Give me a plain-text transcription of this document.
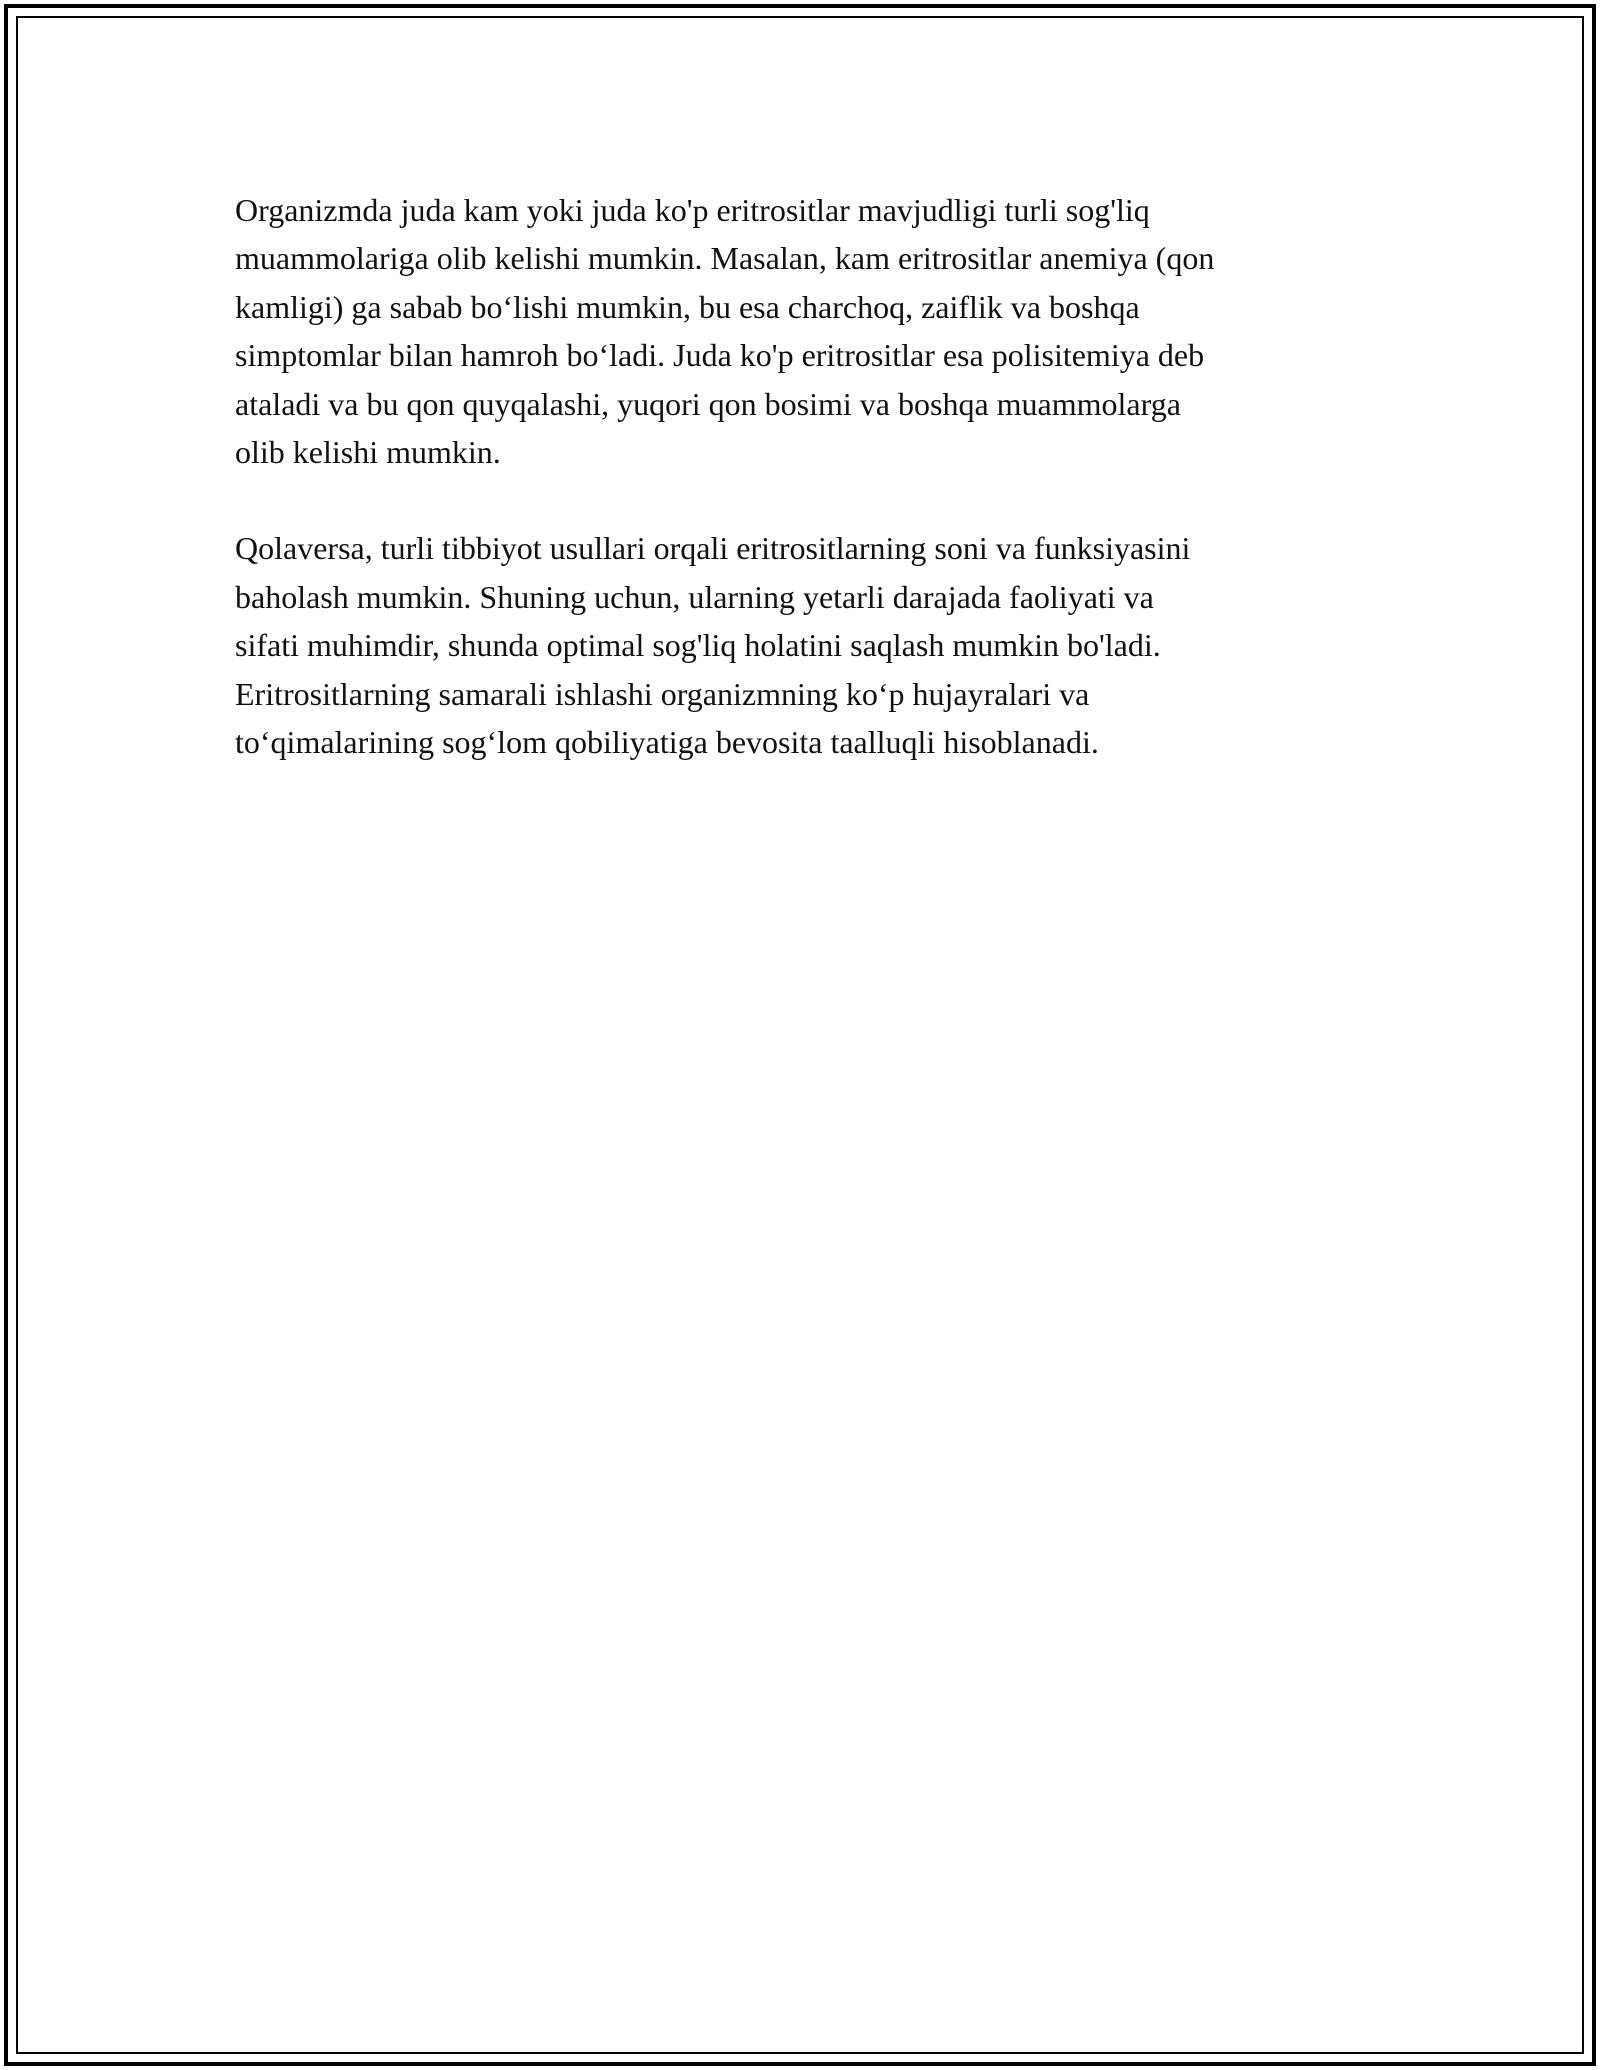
Organizmda juda kam yoki juda ko'p eritrositlar mavjudligi turli sog'liq
muammolariga olib kelishi mumkin. Masalan, kam eritrositlar anemiya (qon
kamligi) ga sabab bo‘lishi mumkin, bu esa charchoq, zaiflik va boshqa
simptomlar bilan hamroh bo‘ladi. Juda ko'p eritrositlar esa polisitemiya deb
ataladi va bu qon quyqalashi, yuqori qon bosimi va boshqa muammolarga
olib kelishi mumkin.

Qolaversa, turli tibbiyot usullari orqali eritrositlarning soni va funksiyasini
baholash mumkin. Shuning uchun, ularning yetarli darajada faoliyati va
sifati muhimdir, shunda optimal sog'liq holatini saqlash mumkin bo'ladi.
Eritrositlarning samarali ishlashi organizmning ko‘p hujayralari va
to‘qimalarining sog‘lom qobiliyatiga bevosita taalluqli hisoblanadi.
